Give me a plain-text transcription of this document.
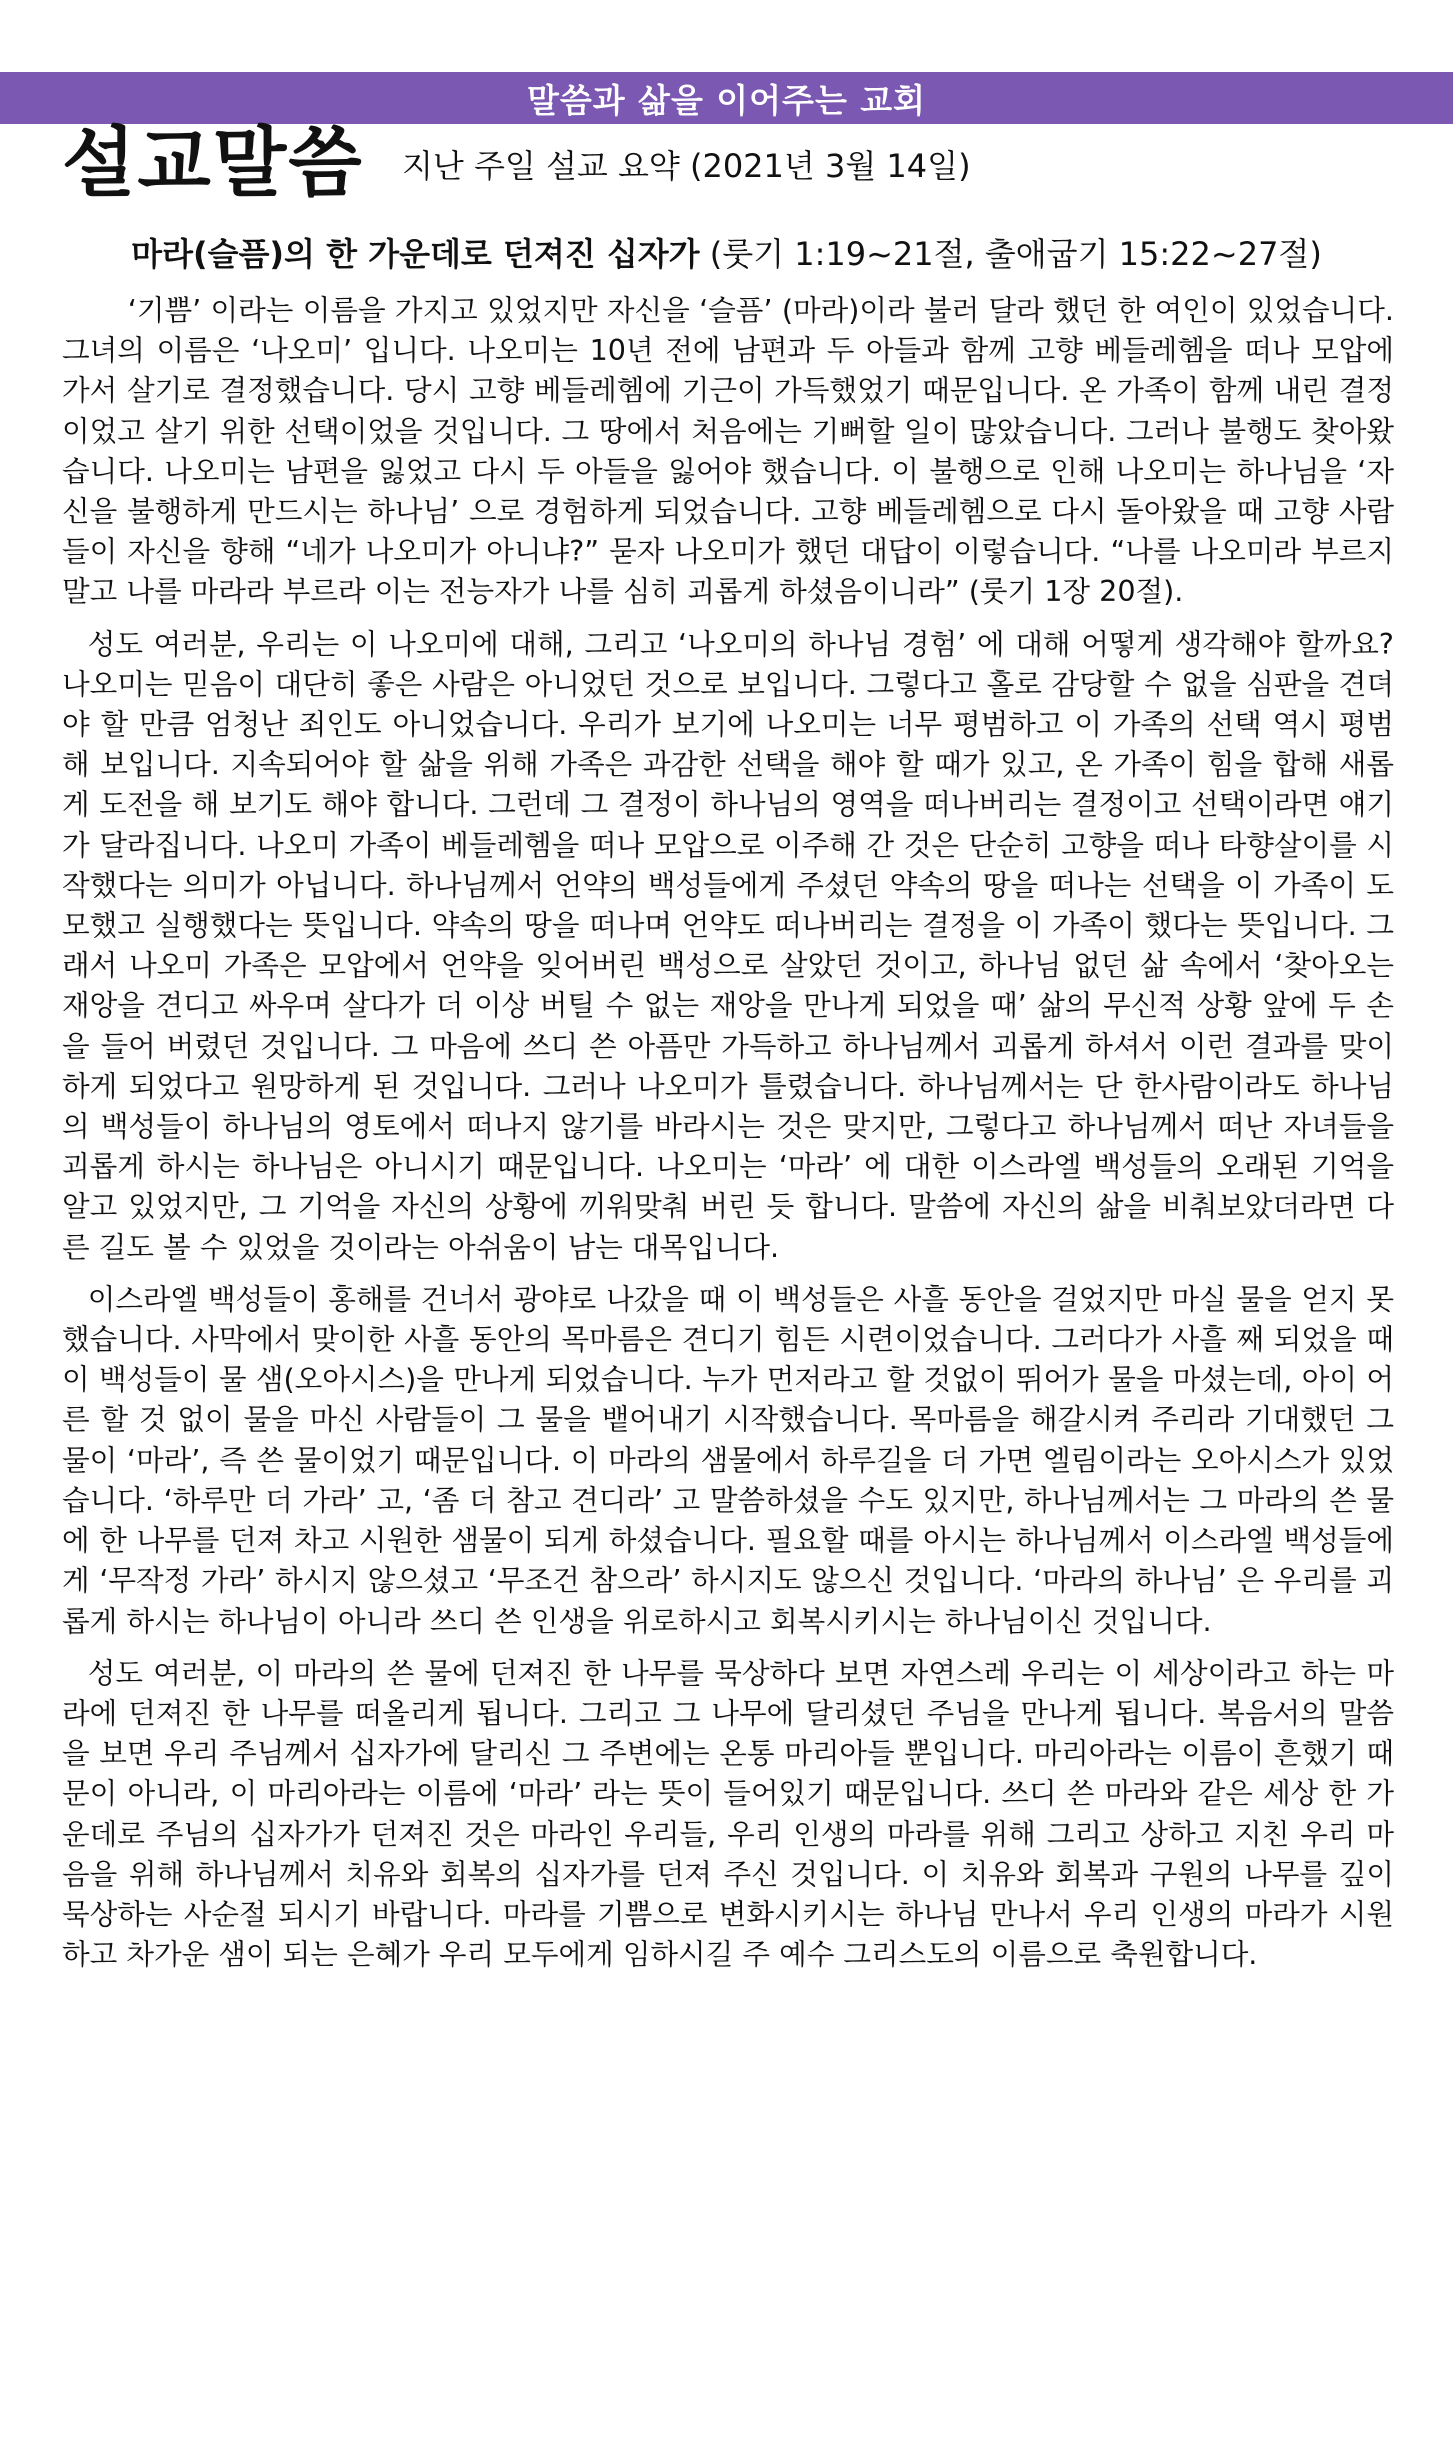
말씀과 삶을 이어주는 교회
설교말씀 지난 주일 설교 요약 (2021년 3월 14일)
마라(슬픔)의 한 가운데로 던져진 십자가 (룻기 1:19~21절, 출애굽기 15:22~27절)

‘기쁨’ 이라는 이름을 가지고 있었지만 자신을 ‘슬픔’ (마라)이라 불러 달라 했던 한 여인이 있었습니다. 그녀의 이름은 ‘나오미’ 입니다. 나오미는 10년 전에 남편과 두 아들과 함께 고향 베들레헴을 떠나 모압에 가서 살기로 결정했습니다. 당시 고향 베들레헴에 기근이 가득했었기 때문입니다. 온 가족이 함께 내린 결정이었고 살기 위한 선택이었을 것입니다. 그 땅에서 처음에는 기뻐할 일이 많았습니다. 그러나 불행도 찾아왔습니다. 나오미는 남편을 잃었고 다시 두 아들을 잃어야 했습니다. 이 불행으로 인해 나오미는 하나님을 ‘자신을 불행하게 만드시는 하나님’ 으로 경험하게 되었습니다. 고향 베들레헴으로 다시 돌아왔을 때 고향 사람들이 자신을 향해 “네가 나오미가 아니냐?” 묻자 나오미가 했던 대답이 이렇습니다. “나를 나오미라 부르지 말고 나를 마라라 부르라 이는 전능자가 나를 심히 괴롭게 하셨음이니라” (룻기 1장 20절).

성도 여러분, 우리는 이 나오미에 대해, 그리고 ‘나오미의 하나님 경험’ 에 대해 어떻게 생각해야 할까요? 나오미는 믿음이 대단히 좋은 사람은 아니었던 것으로 보입니다. 그렇다고 홀로 감당할 수 없을 심판을 견뎌야 할 만큼 엄청난 죄인도 아니었습니다. 우리가 보기에 나오미는 너무 평범하고 이 가족의 선택 역시 평범해 보입니다. 지속되어야 할 삶을 위해 가족은 과감한 선택을 해야 할 때가 있고, 온 가족이 힘을 합해 새롭게 도전을 해 보기도 해야 합니다. 그런데 그 결정이 하나님의 영역을 떠나버리는 결정이고 선택이라면 얘기가 달라집니다. 나오미 가족이 베들레헴을 떠나 모압으로 이주해 간 것은 단순히 고향을 떠나 타향살이를 시작했다는 의미가 아닙니다. 하나님께서 언약의 백성들에게 주셨던 약속의 땅을 떠나는 선택을 이 가족이 도모했고 실행했다는 뜻입니다. 약속의 땅을 떠나며 언약도 떠나버리는 결정을 이 가족이 했다는 뜻입니다. 그래서 나오미 가족은 모압에서 언약을 잊어버린 백성으로 살았던 것이고, 하나님 없던 삶 속에서 ‘찾아오는 재앙을 견디고 싸우며 살다가 더 이상 버틸 수 없는 재앙을 만나게 되었을 때’ 삶의 무신적 상황 앞에 두 손을 들어 버렸던 것입니다. 그 마음에 쓰디 쓴 아픔만 가득하고 하나님께서 괴롭게 하셔서 이런 결과를 맞이하게 되었다고 원망하게 된 것입니다. 그러나 나오미가 틀렸습니다. 하나님께서는 단 한사람이라도 하나님의 백성들이 하나님의 영토에서 떠나지 않기를 바라시는 것은 맞지만, 그렇다고 하나님께서 떠난 자녀들을 괴롭게 하시는 하나님은 아니시기 때문입니다. 나오미는 ‘마라’ 에 대한 이스라엘 백성들의 오래된 기억을 알고 있었지만, 그 기억을 자신의 상황에 끼워맞춰 버린 듯 합니다. 말씀에 자신의 삶을 비춰보았더라면 다른 길도 볼 수 있었을 것이라는 아쉬움이 남는 대목입니다.

이스라엘 백성들이 홍해를 건너서 광야로 나갔을 때 이 백성들은 사흘 동안을 걸었지만 마실 물을 얻지 못했습니다. 사막에서 맞이한 사흘 동안의 목마름은 견디기 힘든 시련이었습니다. 그러다가 사흘 째 되었을 때 이 백성들이 물 샘(오아시스)을 만나게 되었습니다. 누가 먼저라고 할 것없이 뛰어가 물을 마셨는데, 아이 어른 할 것 없이 물을 마신 사람들이 그 물을 뱉어내기 시작했습니다. 목마름을 해갈시켜 주리라 기대했던 그 물이 ‘마라’, 즉 쓴 물이었기 때문입니다. 이 마라의 샘물에서 하루길을 더 가면 엘림이라는 오아시스가 있었습니다. ‘하루만 더 가라’ 고, ‘좀 더 참고 견디라’ 고 말씀하셨을 수도 있지만, 하나님께서는 그 마라의 쓴 물에 한 나무를 던져 차고 시원한 샘물이 되게 하셨습니다. 필요할 때를 아시는 하나님께서 이스라엘 백성들에게 ‘무작정 가라’ 하시지 않으셨고 ‘무조건 참으라’ 하시지도 않으신 것입니다. ‘마라의 하나님’ 은 우리를 괴롭게 하시는 하나님이 아니라 쓰디 쓴 인생을 위로하시고 회복시키시는 하나님이신 것입니다.

성도 여러분, 이 마라의 쓴 물에 던져진 한 나무를 묵상하다 보면 자연스레 우리는 이 세상이라고 하는 마라에 던져진 한 나무를 떠올리게 됩니다. 그리고 그 나무에 달리셨던 주님을 만나게 됩니다. 복음서의 말씀을 보면 우리 주님께서 십자가에 달리신 그 주변에는 온통 마리아들 뿐입니다. 마리아라는 이름이 흔했기 때문이 아니라, 이 마리아라는 이름에 ‘마라’ 라는 뜻이 들어있기 때문입니다. 쓰디 쓴 마라와 같은 세상 한 가운데로 주님의 십자가가 던져진 것은 마라인 우리들, 우리 인생의 마라를 위해 그리고 상하고 지친 우리 마음을 위해 하나님께서 치유와 회복의 십자가를 던져 주신 것입니다. 이 치유와 회복과 구원의 나무를 깊이 묵상하는 사순절 되시기 바랍니다. 마라를 기쁨으로 변화시키시는 하나님 만나서 우리 인생의 마라가 시원하고 차가운 샘이 되는 은혜가 우리 모두에게 임하시길 주 예수 그리스도의 이름으로 축원합니다.
